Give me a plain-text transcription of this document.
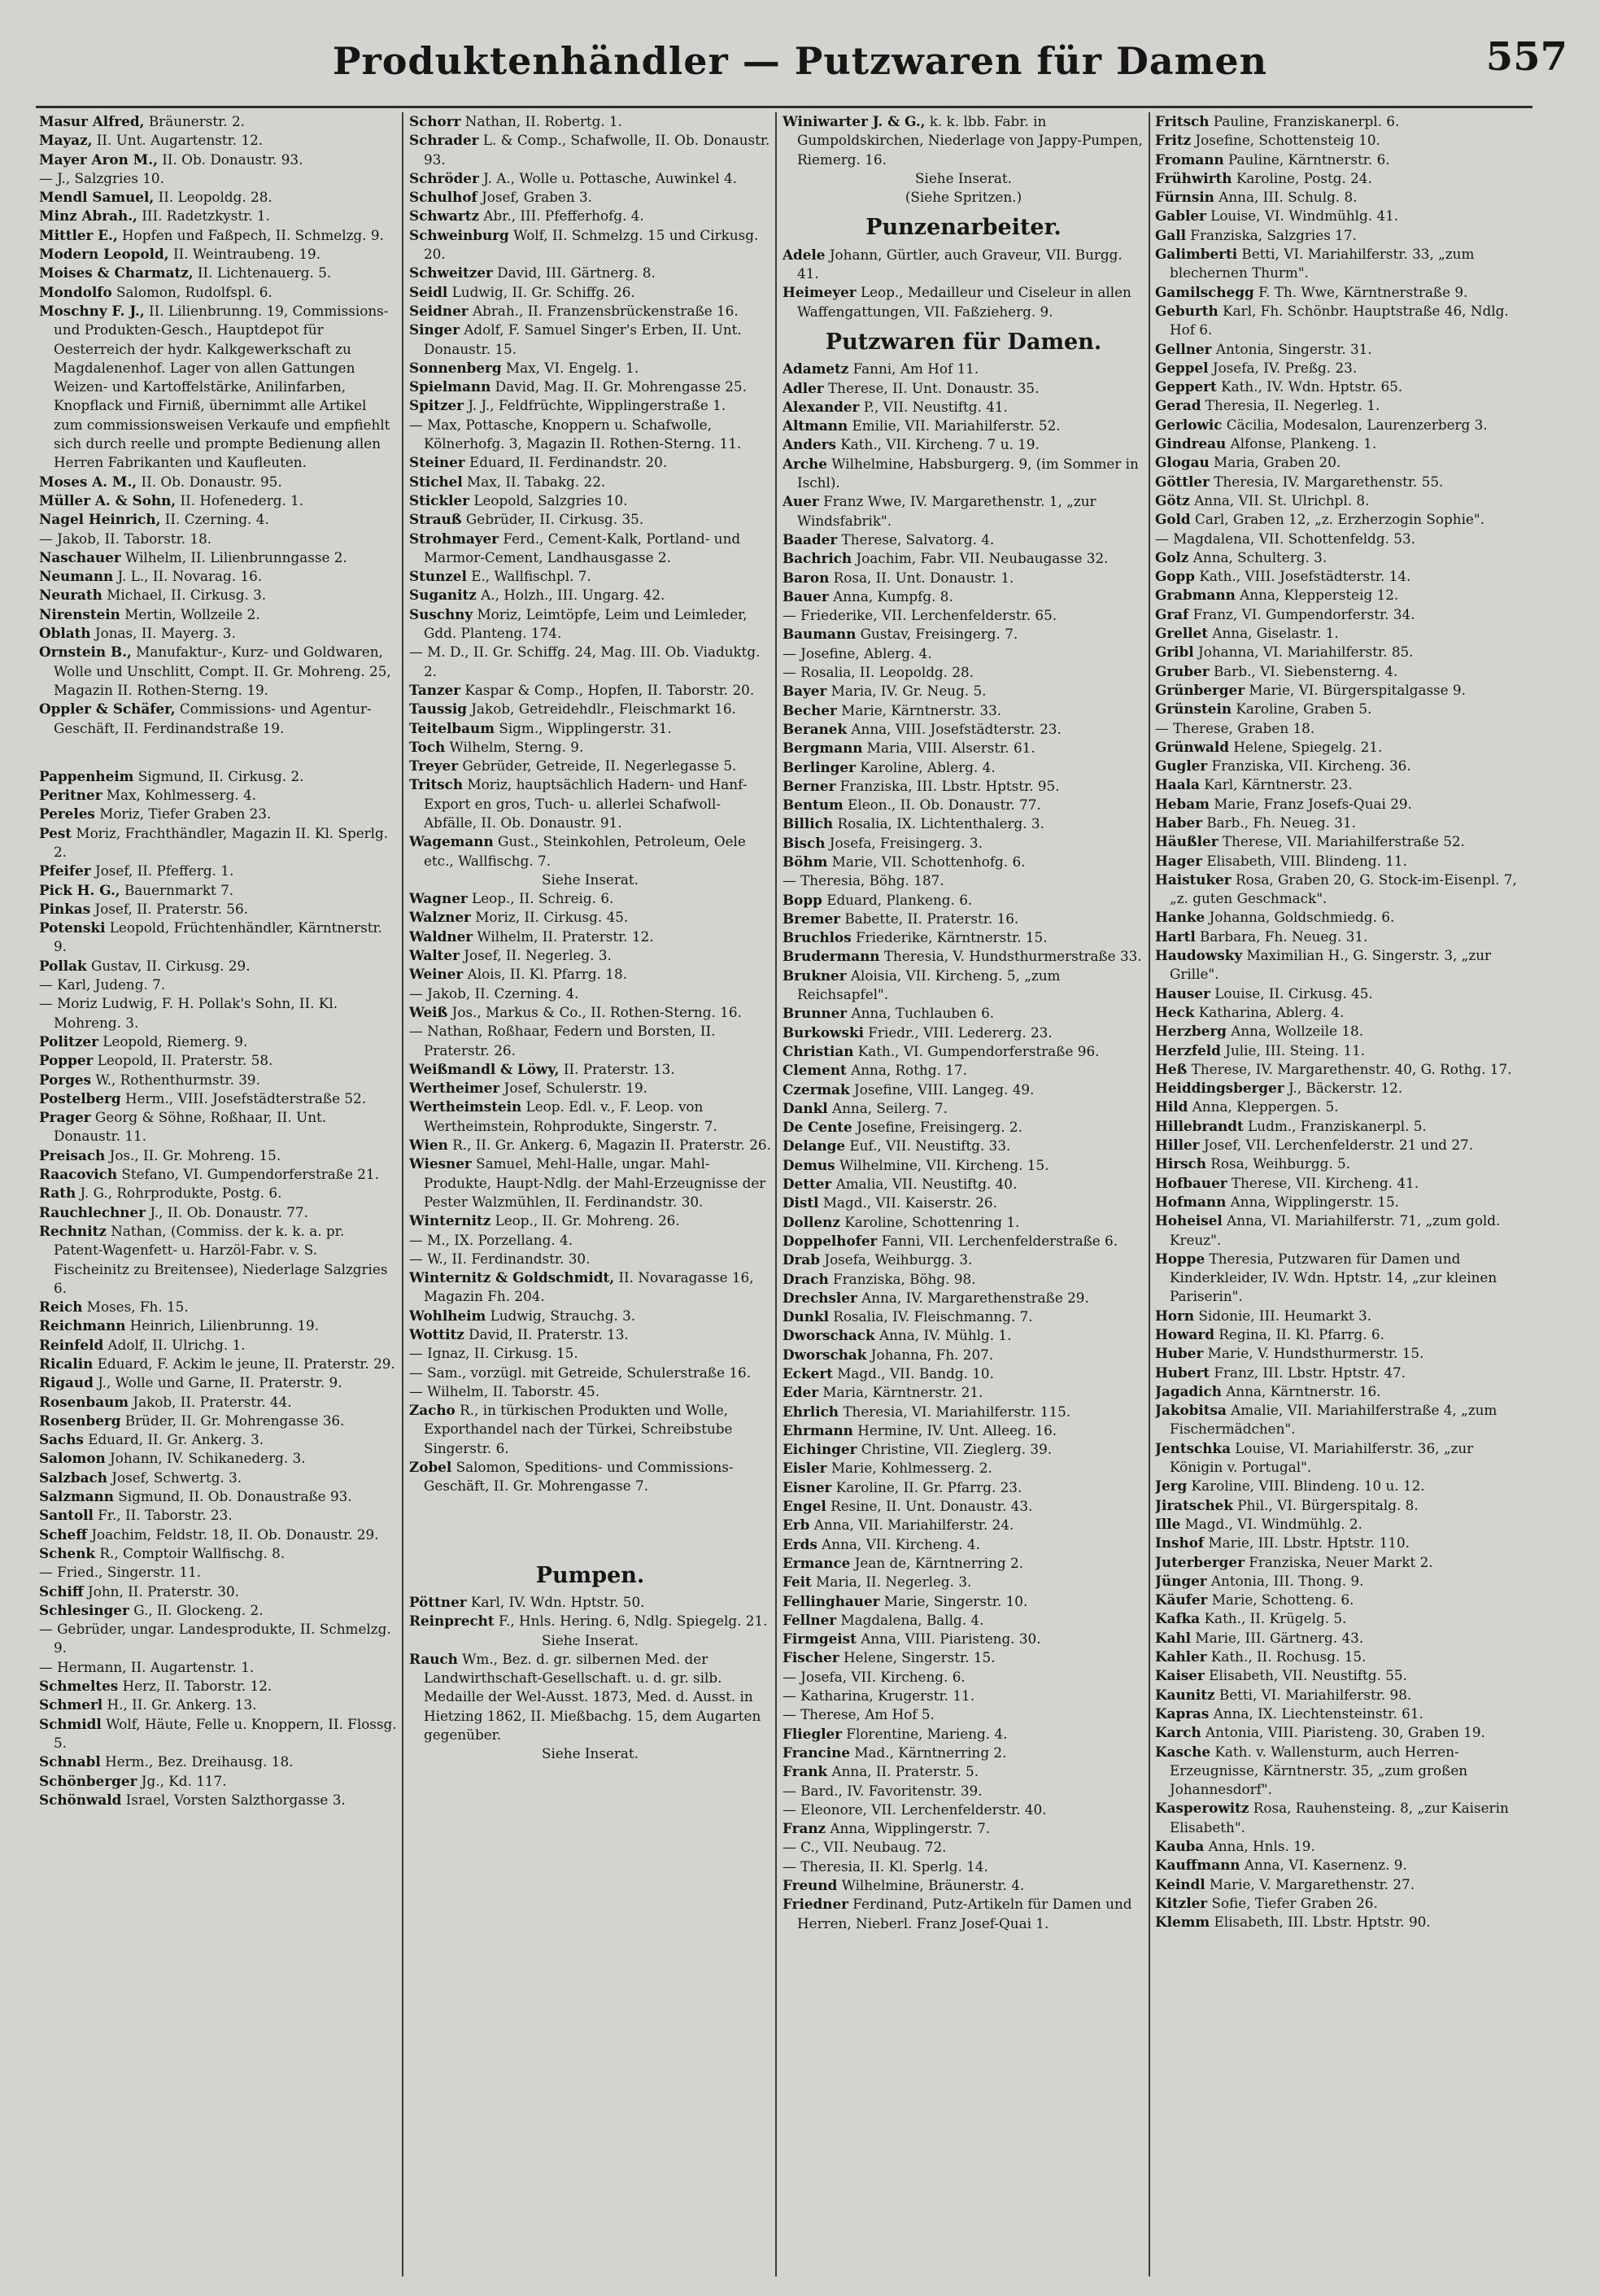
Produktenhändler — Putzwaren für Damen	557

Masur Alfred, Bräunerstr. 2.

Mayaz, II. Unt. Augartenstr. 12.

Mayer Aron M., II. Ob. Donaustr. 93.

— J., Salzgries 10.

Mendl Samuel, II. Leopoldg. 28.

Minz Abrah., III. Radetzkystr. 1.

Mittler E., Hopfen und Faßpech, II. Schmelzg. 9.

Modern Leopold, II. Weintraubeng. 19.

Moises & Charmatz, II. Lichtenauerg. 5.

Mondolfo Salomon, Rudolfspl. 6.

Moschny F. J., II. Lilienbrunng. 19, Commissions- und Produkten-Gesch., Hauptdepot für Oesterreich der hydr. Kalkgewerkschaft zu Magdalenenhof. Lager von allen Gattungen Weizen- und Kartoffelstärke, Anilinfarben, Knopflack und Firniß, übernimmt alle Artikel zum commissionsweisen Verkaufe und empfiehlt sich durch reelle und prompte Bedienung allen Herren Fabrikanten und Kaufleuten.

Moses A. M., II. Ob. Donaustr. 95.

Müller A. & Sohn, II. Hofenederg. 1.

Nagel Heinrich, II. Czerning. 4.

— Jakob, II. Taborstr. 18.

Naschauer Wilhelm, II. Lilienbrunngasse 2.

Neumann J. L., II. Novarag. 16.

Neurath Michael, II. Cirkusg. 3.

Nirenstein Mertin, Wollzeile 2.

Oblath Jonas, II. Mayerg. 3.

Ornstein B., Manufaktur-, Kurz- und Goldwaren, Wolle und Unschlitt, Compt. II. Gr. Mohreng. 25, Magazin II. Rothen-Sterng. 19.

Oppler & Schäfer, Commissions- und Agentur-Geschäft, II. Ferdinandstraße 19.

Pappenheim Sigmund, II. Cirkusg. 2.

Peritner Max, Kohlmesserg. 4.

Pereles Moriz, Tiefer Graben 23.

Pest Moriz, Frachthändler, Magazin II. Kl. Sperlg. 2.

Pfeifer Josef, II. Pfefferg. 1.

Pick H. G., Bauernmarkt 7.

Pinkas Josef, II. Praterstr. 56.

Potenski Leopold, Früchtenhändler, Kärntnerstr. 9.

Pollak Gustav, II. Cirkusg. 29.

— Karl, Judeng. 7.

— Moriz Ludwig, F. H. Pollak's Sohn, II. Kl. Mohreng. 3.

Politzer Leopold, Riemerg. 9.

Popper Leopold, II. Praterstr. 58.

Porges W., Rothenthurmstr. 39.

Postelberg Herm., VIII. Josefstädterstraße 52.

Prager Georg & Söhne, Roßhaar, II. Unt. Donaustr. 11.

Preisach Jos., II. Gr. Mohreng. 15.

Raacovich Stefano, VI. Gumpendorferstraße 21.

Rath J. G., Rohrprodukte, Postg. 6.

Rauchlechner J., II. Ob. Donaustr. 77.

Rechnitz Nathan, (Commiss. der k. k. a. pr. Patent-Wagenfett- u. Harzöl-Fabr. v. S. Fischeinitz zu Breitensee), Niederlage Salzgries 6.

Reich Moses, Fh. 15.

Reichmann Heinrich, Lilienbrunng. 19.

Reinfeld Adolf, II. Ulrichg. 1.

Ricalin Eduard, F. Ackim le jeune, II. Praterstr. 29.

Rigaud J., Wolle und Garne, II. Praterstr. 9.

Rosenbaum Jakob, II. Praterstr. 44.

Rosenberg Brüder, II. Gr. Mohrengasse 36.

Sachs Eduard, II. Gr. Ankerg. 3.

Salomon Johann, IV. Schikanederg. 3.

Salzbach Josef, Schwertg. 3.

Salzmann Sigmund, II. Ob. Donaustraße 93.

Santoll Fr., II. Taborstr. 23.

Scheff Joachim, Feldstr. 18, II. Ob. Donaustr. 29.

Schenk R., Comptoir Wallfischg. 8.

— Fried., Singerstr. 11.

Schiff John, II. Praterstr. 30.

Schlesinger G., II. Glockeng. 2.

— Gebrüder, ungar. Landesprodukte, II. Schmelzg. 9.

— Hermann, II. Augartenstr. 1.

Schmeltes Herz, II. Taborstr. 12.

Schmerl H., II. Gr. Ankerg. 13.

Schmidl Wolf, Häute, Felle u. Knoppern, II. Flossg. 5.

Schnabl Herm., Bez. Dreihausg. 18.

Schönberger Jg., Kd. 117.

Schönwald Israel, Vorsten Salzthorgasse 3.

Schorr Nathan, II. Robertg. 1.

Schrader L. & Comp., Schafwolle, II. Ob. Donaustr. 93.

Schröder J. A., Wolle u. Pottasche, Auwinkel 4.

Schulhof Josef, Graben 3.

Schwartz Abr., III. Pfefferhofg. 4.

Schweinburg Wolf, II. Schmelzg. 15 und Cirkusg. 20.

Schweitzer David, III. Gärtnerg. 8.

Seidl Ludwig, II. Gr. Schiffg. 26.

Seidner Abrah., II. Franzensbrückenstraße 16.

Singer Adolf, F. Samuel Singer's Erben, II. Unt. Donaustr. 15.

Sonnenberg Max, VI. Engelg. 1.

Spielmann David, Mag. II. Gr. Mohrengasse 25.

Spitzer J. J., Feldfrüchte, Wipplingerstraße 1.

— Max, Pottasche, Knoppern u. Schafwolle, Kölnerhofg. 3, Magazin II. Rothen-Sterng. 11.

Steiner Eduard, II. Ferdinandstr. 20.

Stichel Max, II. Tabakg. 22.

Stickler Leopold, Salzgries 10.

Strauß Gebrüder, II. Cirkusg. 35.

Strohmayer Ferd., Cement-Kalk, Portland- und Marmor-Cement, Landhausgasse 2.

Stunzel E., Wallfischpl. 7.

Suganitz A., Holzh., III. Ungarg. 42.

Suschny Moriz, Leimtöpfe, Leim und Leimleder, Gdd. Planteng. 174.

— M. D., II. Gr. Schiffg. 24, Mag. III. Ob. Viaduktg. 2.

Tanzer Kaspar & Comp., Hopfen, II. Taborstr. 20.

Taussig Jakob, Getreidehdlr., Fleischmarkt 16.

Teitelbaum Sigm., Wipplingerstr. 31.

Toch Wilhelm, Sterng. 9.

Treyer Gebrüder, Getreide, II. Negerlegasse 5.

Tritsch Moriz, hauptsächlich Hadern- und Hanf-Export en gros, Tuch- u. allerlei Schafwoll-Abfälle, II. Ob. Donaustr. 91.

Wagemann Gust., Steinkohlen, Petroleum, Oele etc., Wallfischg. 7.

Siehe Inserat.

Wagner Leop., II. Schreig. 6.

Walzner Moriz, II. Cirkusg. 45.

Waldner Wilhelm, II. Praterstr. 12.

Walter Josef, II. Negerleg. 3.

Weiner Alois, II. Kl. Pfarrg. 18.

— Jakob, II. Czerning. 4.

Weiß Jos., Markus & Co., II. Rothen-Sterng. 16.

— Nathan, Roßhaar, Federn und Borsten, II. Praterstr. 26.

Weißmandl & Löwy, II. Praterstr. 13.

Wertheimer Josef, Schulerstr. 19.

Wertheimstein Leop. Edl. v., F. Leop. von Wertheimstein, Rohprodukte, Singerstr. 7.

Wien R., II. Gr. Ankerg. 6, Magazin II. Praterstr. 26.

Wiesner Samuel, Mehl-Halle, ungar. Mahl-Produkte, Haupt-Ndlg. der Mahl-Erzeugnisse der Pester Walzmühlen, II. Ferdinandstr. 30.

Winternitz Leop., II. Gr. Mohreng. 26.

— M., IX. Porzellang. 4.

— W., II. Ferdinandstr. 30.

Winternitz & Goldschmidt, II. Novaragasse 16, Magazin Fh. 204.

Wohlheim Ludwig, Strauchg. 3.

Wottitz David, II. Praterstr. 13.

— Ignaz, II. Cirkusg. 15.

— Sam., vorzügl. mit Getreide, Schulerstraße 16.

— Wilhelm, II. Taborstr. 45.

Zacho R., in türkischen Produkten und Wolle, Exporthandel nach der Türkei, Schreibstube Singerstr. 6.

Zobel Salomon, Speditions- und Commissions-Geschäft, II. Gr. Mohrengasse 7.

Pumpen.

Pöttner Karl, IV. Wdn. Hptstr. 50.

Reinprecht F., Hnls. Hering. 6, Ndlg. Spiegelg. 21.

Siehe Inserat.

Rauch Wm., Bez. d. gr. silbernen Med. der Landwirthschaft-Gesellschaft. u. d. gr. silb. Medaille der Wel-Ausst. 1873, Med. d. Ausst. in Hietzing 1862, II. Mießbachg. 15, dem Augarten gegenüber.

Siehe Inserat.

Winiwarter J. & G., k. k. lbb. Fabr. in Gumpoldskirchen, Niederlage von Jappy-Pumpen, Riemerg. 16.

Siehe Inserat.
(Siehe Spritzen.)
Punzenarbeiter.

Adele Johann, Gürtler, auch Graveur, VII. Burgg. 41.

Heimeyer Leop., Medailleur und Ciseleur in allen Waffengattungen, VII. Faßzieherg. 9.

Putzwaren für Damen.

Adametz Fanni, Am Hof 11.

Adler Therese, II. Unt. Donaustr. 35.

Alexander P., VII. Neustiftg. 41.

Altmann Emilie, VII. Mariahilferstr. 52.

Anders Kath., VII. Kircheng. 7 u. 19.

Arche Wilhelmine, Habsburgerg. 9, (im Sommer in Ischl).

Auer Franz Wwe, IV. Margarethenstr. 1, „zur Windsfabrik".

Baader Therese, Salvatorg. 4.

Bachrich Joachim, Fabr. VII. Neubaugasse 32.

Baron Rosa, II. Unt. Donaustr. 1.

Bauer Anna, Kumpfg. 8.

— Friederike, VII. Lerchenfelderstr. 65.

Baumann Gustav, Freisingerg. 7.

— Josefine, Ablerg. 4.

— Rosalia, II. Leopoldg. 28.

Bayer Maria, IV. Gr. Neug. 5.

Becher Marie, Kärntnerstr. 33.

Beranek Anna, VIII. Josefstädterstr. 23.

Bergmann Maria, VIII. Alserstr. 61.

Berlinger Karoline, Ablerg. 4.

Berner Franziska, III. Lbstr. Hptstr. 95.

Bentum Eleon., II. Ob. Donaustr. 77.

Billich Rosalia, IX. Lichtenthalerg. 3.

Bisch Josefa, Freisingerg. 3.

Böhm Marie, VII. Schottenhofg. 6.

— Theresia, Böhg. 187.

Bopp Eduard, Plankeng. 6.

Bremer Babette, II. Praterstr. 16.

Bruchlos Friederike, Kärntnerstr. 15.

Brudermann Theresia, V. Hundsthurmerstraße 33.

Brukner Aloisia, VII. Kircheng. 5, „zum Reichsapfel".

Brunner Anna, Tuchlauben 6.

Burkowski Friedr., VIII. Ledererg. 23.

Christian Kath., VI. Gumpendorferstraße 96.

Clement Anna, Rothg. 17.

Czermak Josefine, VIII. Langeg. 49.

Dankl Anna, Seilerg. 7.

De Cente Josefine, Freisingerg. 2.

Delange Euf., VII. Neustiftg. 33.

Demus Wilhelmine, VII. Kircheng. 15.

Detter Amalia, VII. Neustiftg. 40.

Distl Magd., VII. Kaiserstr. 26.

Dollenz Karoline, Schottenring 1.

Doppelhofer Fanni, VII. Lerchenfelderstraße 6.

Drab Josefa, Weihburgg. 3.

Drach Franziska, Böhg. 98.

Drechsler Anna, IV. Margarethenstraße 29.

Dunkl Rosalia, IV. Fleischmanng. 7.

Dworschack Anna, IV. Mühlg. 1.

Dworschak Johanna, Fh. 207.

Eckert Magd., VII. Bandg. 10.

Eder Maria, Kärntnerstr. 21.

Ehrlich Theresia, VI. Mariahilferstr. 115.

Ehrmann Hermine, IV. Unt. Alleeg. 16.

Eichinger Christine, VII. Zieglerg. 39.

Eisler Marie, Kohlmesserg. 2.

Eisner Karoline, II. Gr. Pfarrg. 23.

Engel Resine, II. Unt. Donaustr. 43.

Erb Anna, VII. Mariahilferstr. 24.

Erds Anna, VII. Kircheng. 4.

Ermance Jean de, Kärntnerring 2.

Feit Maria, II. Negerleg. 3.

Fellinghauer Marie, Singerstr. 10.

Fellner Magdalena, Ballg. 4.

Firmgeist Anna, VIII. Piaristeng. 30.

Fischer Helene, Singerstr. 15.

— Josefa, VII. Kircheng. 6.

— Katharina, Krugerstr. 11.

— Therese, Am Hof 5.

Fliegler Florentine, Marieng. 4.

Francine Mad., Kärntnerring 2.

Frank Anna, II. Praterstr. 5.

— Bard., IV. Favoritenstr. 39.

— Eleonore, VII. Lerchenfelderstr. 40.

Franz Anna, Wipplingerstr. 7.

— C., VII. Neubaug. 72.

— Theresia, II. Kl. Sperlg. 14.

Freund Wilhelmine, Bräunerstr. 4.

Friedner Ferdinand, Putz-Artikeln für Damen und Herren, Nieberl. Franz Josef-Quai 1.

Fritsch Pauline, Franziskanerpl. 6.

Fritz Josefine, Schottensteig 10.

Fromann Pauline, Kärntnerstr. 6.

Frühwirth Karoline, Postg. 24.

Fürnsin Anna, III. Schulg. 8.

Gabler Louise, VI. Windmühlg. 41.

Gall Franziska, Salzgries 17.

Galimberti Betti, VI. Mariahilferstr. 33, „zum blechernen Thurm".

Gamilschegg F. Th. Wwe, Kärntnerstraße 9.

Geburth Karl, Fh. Schönbr. Hauptstraße 46, Ndlg. Hof 6.

Gellner Antonia, Singerstr. 31.

Geppel Josefa, IV. Preßg. 23.

Geppert Kath., IV. Wdn. Hptstr. 65.

Gerad Theresia, II. Negerleg. 1.

Gerlowic Cäcilia, Modesalon, Laurenzerberg 3.

Gindreau Alfonse, Plankeng. 1.

Glogau Maria, Graben 20.

Göttler Theresia, IV. Margarethenstr. 55.

Götz Anna, VII. St. Ulrichpl. 8.

Gold Carl, Graben 12, „z. Erzherzogin Sophie".

— Magdalena, VII. Schottenfeldg. 53.

Golz Anna, Schulterg. 3.

Gopp Kath., VIII. Josefstädterstr. 14.

Grabmann Anna, Kleppersteig 12.

Graf Franz, VI. Gumpendorferstr. 34.

Grellet Anna, Giselastr. 1.

Gribl Johanna, VI. Mariahilferstr. 85.

Gruber Barb., VI. Siebensterng. 4.

Grünberger Marie, VI. Bürgerspitalgasse 9.

Grünstein Karoline, Graben 5.

— Therese, Graben 18.

Grünwald Helene, Spiegelg. 21.

Gugler Franziska, VII. Kircheng. 36.

Haala Karl, Kärntnerstr. 23.

Hebam Marie, Franz Josefs-Quai 29.

Haber Barb., Fh. Neueg. 31.

Häußler Therese, VII. Mariahilferstraße 52.

Hager Elisabeth, VIII. Blindeng. 11.

Haistuker Rosa, Graben 20, G. Stock-im-Eisenpl. 7, „z. guten Geschmack".

Hanke Johanna, Goldschmiedg. 6.

Hartl Barbara, Fh. Neueg. 31.

Haudowsky Maximilian H., G. Singerstr. 3, „zur Grille".

Hauser Louise, II. Cirkusg. 45.

Heck Katharina, Ablerg. 4.

Herzberg Anna, Wollzeile 18.

Herzfeld Julie, III. Steing. 11.

Heß Therese, IV. Margarethenstr. 40, G. Rothg. 17.

Heiddingsberger J., Bäckerstr. 12.

Hild Anna, Kleppergen. 5.

Hillebrandt Ludm., Franziskanerpl. 5.

Hiller Josef, VII. Lerchenfelderstr. 21 und 27.

Hirsch Rosa, Weihburgg. 5.

Hofbauer Therese, VII. Kircheng. 41.

Hofmann Anna, Wipplingerstr. 15.

Hoheisel Anna, VI. Mariahilferstr. 71, „zum gold. Kreuz".

Hoppe Theresia, Putzwaren für Damen und Kinderkleider, IV. Wdn. Hptstr. 14, „zur kleinen Pariserin".

Horn Sidonie, III. Heumarkt 3.

Howard Regina, II. Kl. Pfarrg. 6.

Huber Marie, V. Hundsthurmerstr. 15.

Hubert Franz, III. Lbstr. Hptstr. 47.

Jagadich Anna, Kärntnerstr. 16.

Jakobitsa Amalie, VII. Mariahilferstraße 4, „zum Fischermädchen".

Jentschka Louise, VI. Mariahilferstr. 36, „zur Königin v. Portugal".

Jerg Karoline, VIII. Blindeng. 10 u. 12.

Jiratschek Phil., VI. Bürgerspitalg. 8.

Ille Magd., VI. Windmühlg. 2.

Inshof Marie, III. Lbstr. Hptstr. 110.

Juterberger Franziska, Neuer Markt 2.

Jünger Antonia, III. Thong. 9.

Käufer Marie, Schotteng. 6.

Kafka Kath., II. Krügelg. 5.

Kahl Marie, III. Gärtnerg. 43.

Kahler Kath., II. Rochusg. 15.

Kaiser Elisabeth, VII. Neustiftg. 55.

Kaunitz Betti, VI. Mariahilferstr. 98.

Kapras Anna, IX. Liechtensteinstr. 61.

Karch Antonia, VIII. Piaristeng. 30, Graben 19.

Kasche Kath. v. Wallensturm, auch Herren-Erzeugnisse, Kärntnerstr. 35, „zum großen Johannesdorf".

Kasperowitz Rosa, Rauhensteing. 8, „zur Kaiserin Elisabeth".

Kauba Anna, Hnls. 19.

Kauffmann Anna, VI. Kasernenz. 9.

Keindl Marie, V. Margarethenstr. 27.

Kitzler Sofie, Tiefer Graben 26.

Klemm Elisabeth, III. Lbstr. Hptstr. 90.
